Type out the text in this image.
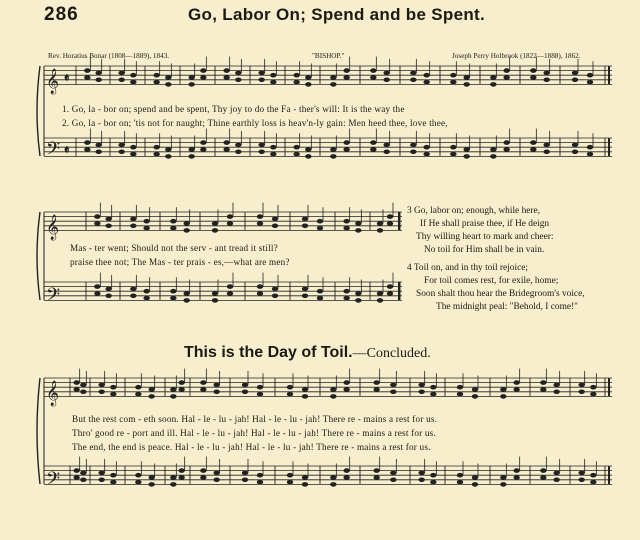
286	Go, Labor On; Spend and be Spent.
Rev. Horatius Bonar (1808—1889), 1843.	"BISHOP."	Joseph Perry Holbrook (1822—1888), 1862.
𝄞
𝄢
𝄵
𝄵
𝄞
𝄢
𝄞
𝄢
1. Go, la - bor on; spend and be spent, Thy joy to do the Fa - ther's will: It is the way the
2. Go, la - bor on; 'tis not for naught; Thine earthly loss is heav'n-ly gain: Men heed thee, love thee,
Mas - ter went; Should not the serv - ant tread it still?
praise thee not; The Mas - ter prais - es,—what are men?
3 Go, labor on; enough, while here,
If He shall praise thee, if He deign
Thy willing heart to mark and cheer:
No toil for Him shall be in vain.
4 Toil on, and in thy toil rejoice;
For toil comes rest, for exile, home;
Soon shalt thou hear the Bridegroom's voice,
The midnight peal: "Behold, I come!"
This is the Day of Toil.—Concluded.
But the rest com - eth soon. Hal - le - lu - jah! Hal - le - lu - jah! There re - mains a rest for us.
Thro' good re - port and ill. Hal - le - lu - jah! Hal - le - lu - jah! There re - mains a rest for us.
The end, the end is peace. Hal - le - lu - jah! Hal - le - lu - jah! There re - mains a rest for us.
